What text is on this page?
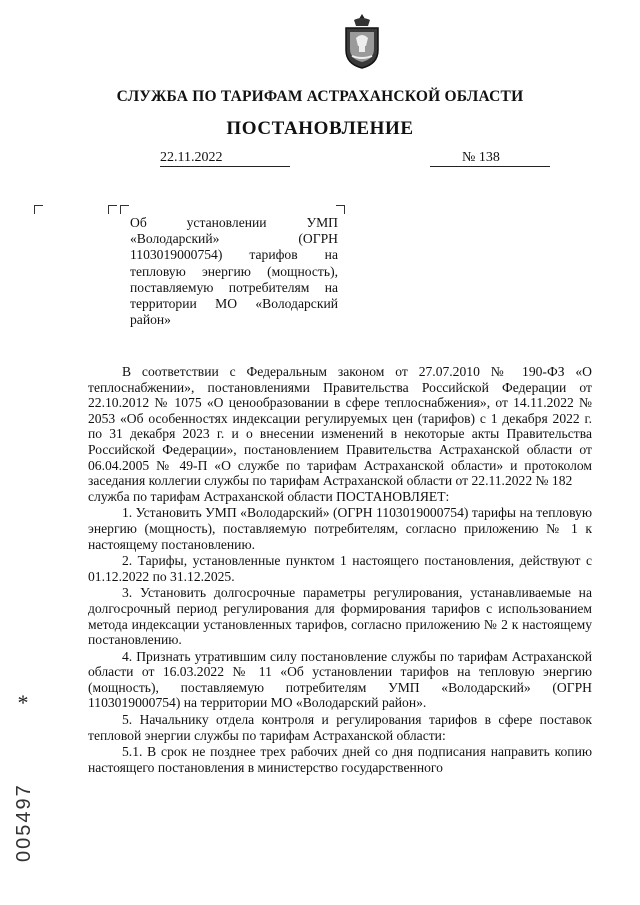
СЛУЖБА ПО ТАРИФАМ АСТРАХАНСКОЙ ОБЛАСТИ
ПОСТАНОВЛЕНИЕ
22.11.2022	№ 138
Об установлении УМП «Володарский» (ОГРН 1103019000754) тарифов на тепловую энергию (мощность), поставляемую потребителям на территории МО «Володарский район»

В соответствии с Федеральным законом от 27.07.2010 № 190-ФЗ «О теплоснабжении», постановлениями Правительства Российской Федерации от 22.10.2012 № 1075 «О ценообразовании в сфере теплоснабжения», от 14.11.2022 № 2053 «Об особенностях индексации регулируемых цен (тарифов) с 1 декабря 2022 г. по 31 декабря 2023 г. и о внесении изменений в некоторые акты Правительства Российской Федерации», постановлением Правительства Астраханской области от 06.04.2005 № 49-П «О службе по тарифам Астраханской области» и протоколом заседания коллегии службы по тарифам Астраханской области от 22.11.2022 № 182

служба по тарифам Астраханской области ПОСТАНОВЛЯЕТ:

1. Установить УМП «Володарский» (ОГРН 1103019000754) тарифы на тепловую энергию (мощность), поставляемую потребителям, согласно приложению № 1 к настоящему постановлению.

2. Тарифы, установленные пунктом 1 настоящего постановления, действуют с 01.12.2022 по 31.12.2025.

3. Установить долгосрочные параметры регулирования, устанавливаемые на долгосрочный период регулирования для формирования тарифов с использованием метода индексации установленных тарифов, согласно приложению № 2 к настоящему постановлению.

4. Признать утратившим силу постановление службы по тарифам Астраханской области от 16.03.2022 № 11 «Об установлении тарифов на тепловую энергию (мощность), поставляемую потребителям УМП «Володарский» (ОГРН 1103019000754) на территории МО «Володарский район».

5. Начальнику отдела контроля и регулирования тарифов в сфере поставок тепловой энергии службы по тарифам Астраханской области:

5.1. В срок не позднее трех рабочих дней со дня подписания направить копию настоящего постановления в министерство государственного

*
005497
